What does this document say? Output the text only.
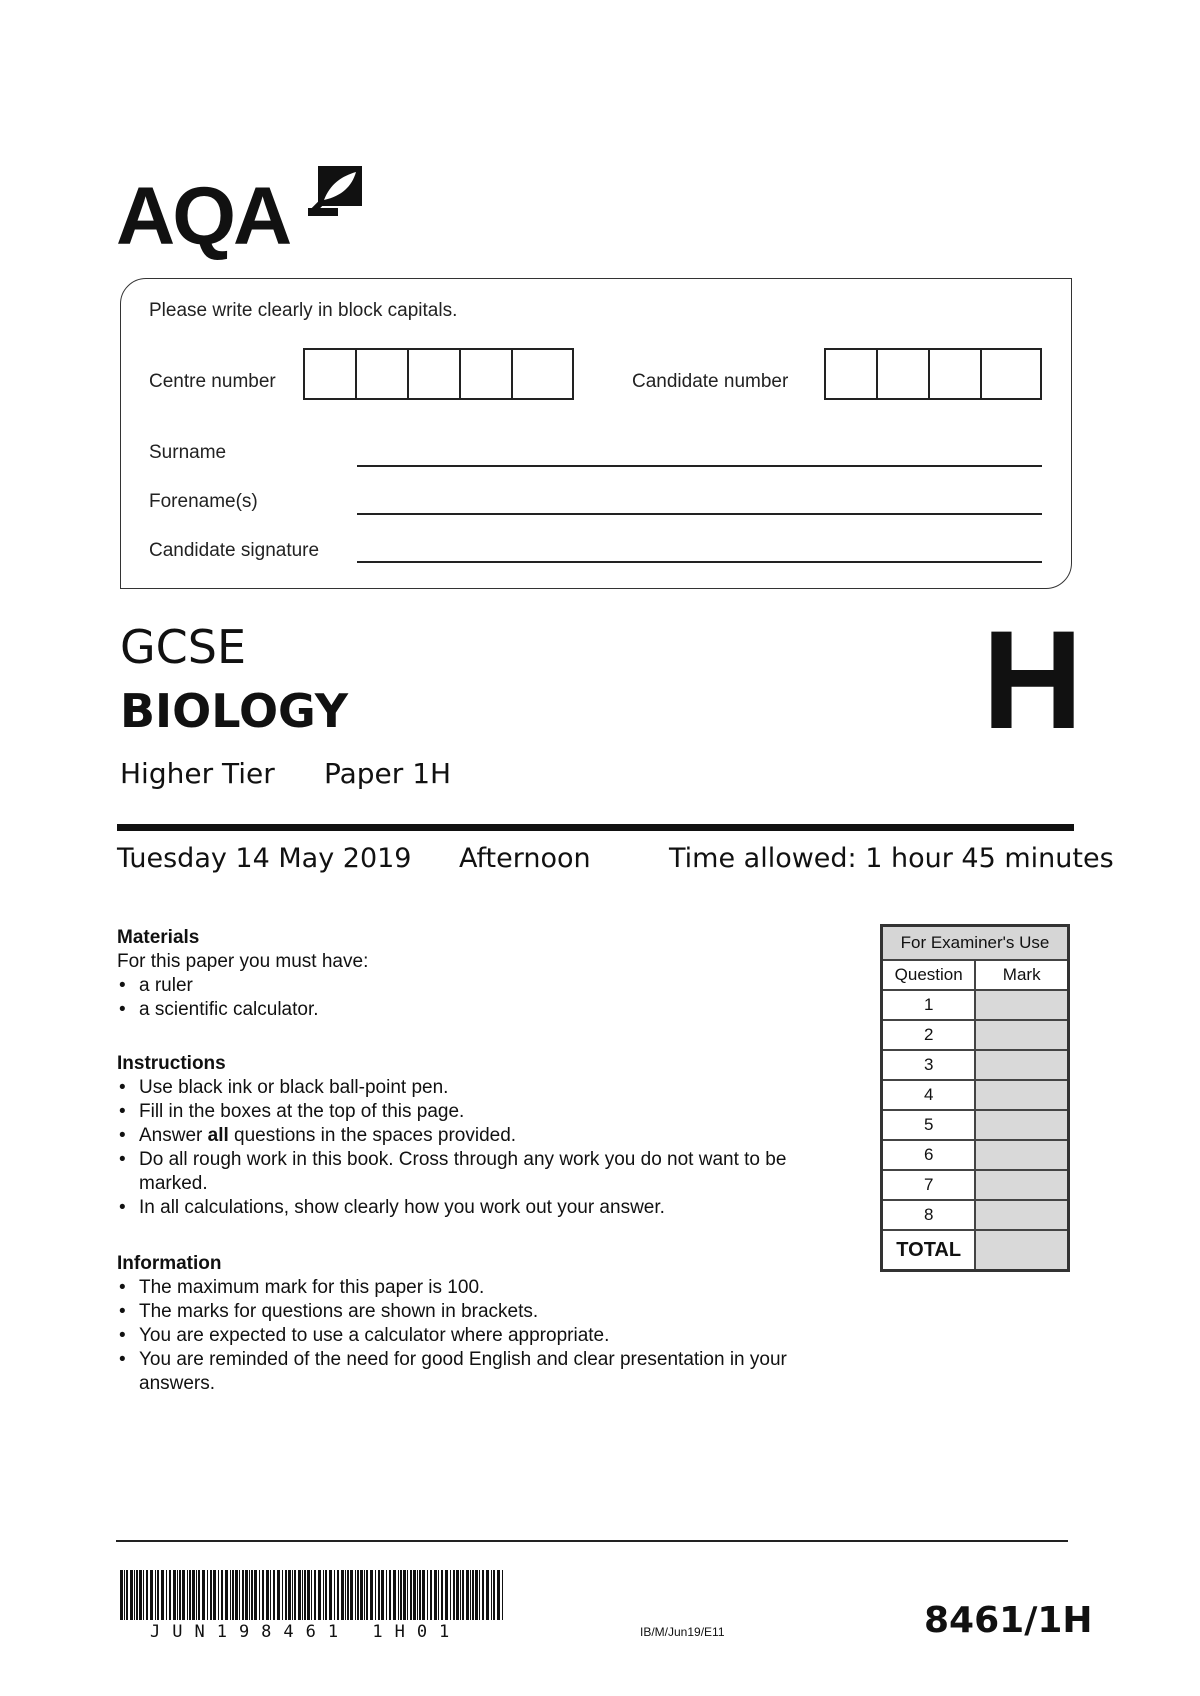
AQA
Please write clearly in block capitals.
Centre number	Candidate number
Surname
Forename(s)
Candidate signature
GCSE
BIOLOGY
Higher Tier Paper 1H
H
Tuesday 14 May 2019 Afternoon	Time allowed: 1 hour 45 minutes
Materials
For this paper you must have:
• a ruler
• a scientific calculator.
Instructions
• Use black ink or black ball-point pen.
• Fill in the boxes at the top of this page.
• Answer all questions in the spaces provided.
• Do all rough work in this book. Cross through any work you do not want to be marked.
• In all calculations, show clearly how you work out your answer.
Information
• The maximum mark for this paper is 100.
• The marks for questions are shown in brackets.
• You are expected to use a calculator where appropriate.
• You are reminded of the need for good English and clear presentation in your answers.
For Examiner's Use	
Question	Mark
1	
2	
3	
4	
5	
6	
7	
8	
TOTAL	
JUN198461 1H01	IB/M/Jun19/E11	8461/1H
